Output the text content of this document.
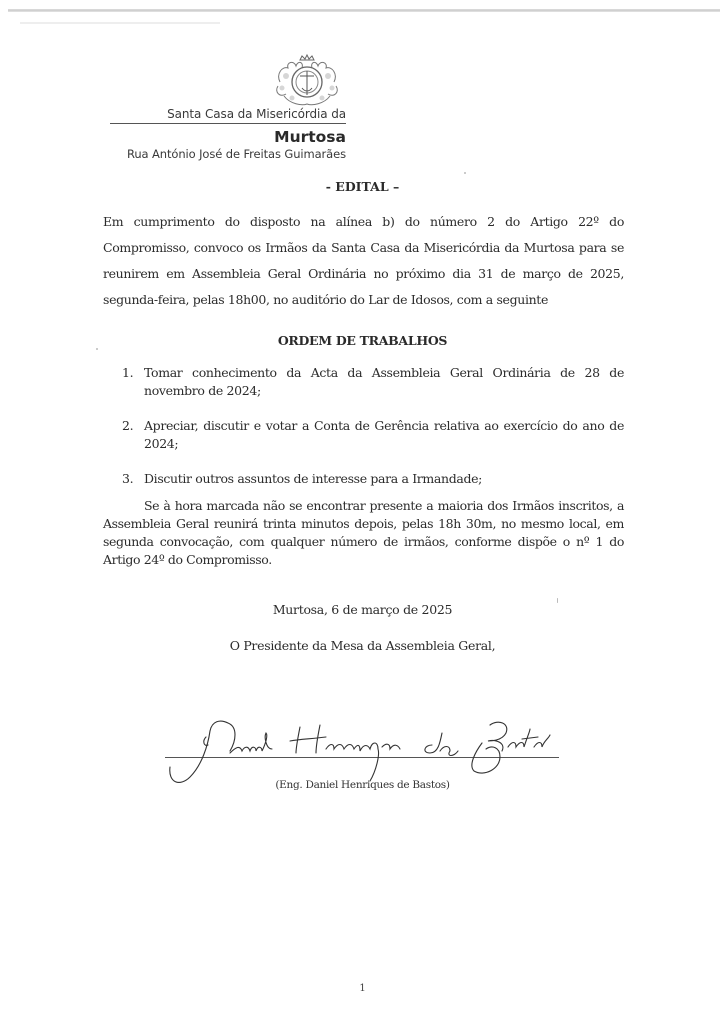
Santa Casa da Misericórdia da
Murtosa
Rua António José de Freitas Guimarães
- EDITAL –
Em cumprimento do disposto na alínea b) do número 2 do Artigo 22º do Compromisso, convoco os Irmãos da Santa Casa da Misericórdia da Murtosa para se reunirem em Assembleia Geral Ordinária no próximo dia 31 de março de 2025, segunda-feira, pelas 18h00, no auditório do Lar de Idosos, com a seguinte
ORDEM DE TRABALHOS
1. Tomar conhecimento da Acta da Assembleia Geral Ordinária de 28 de novembro de 2024;
2. Apreciar, discutir e votar a Conta de Gerência relativa ao exercício do ano de 2024;
3. Discutir outros assuntos de interesse para a Irmandade;
Se à hora marcada não se encontrar presente a maioria dos Irmãos inscritos, a Assembleia Geral reunirá trinta minutos depois, pelas 18h 30m, no mesmo local, em segunda convocação, com qualquer número de irmãos, conforme dispõe o nº 1 do Artigo 24º do Compromisso.
Murtosa, 6 de março de 2025
O Presidente da Mesa da Assembleia Geral,
(Eng. Daniel Henriques de Bastos)
1
